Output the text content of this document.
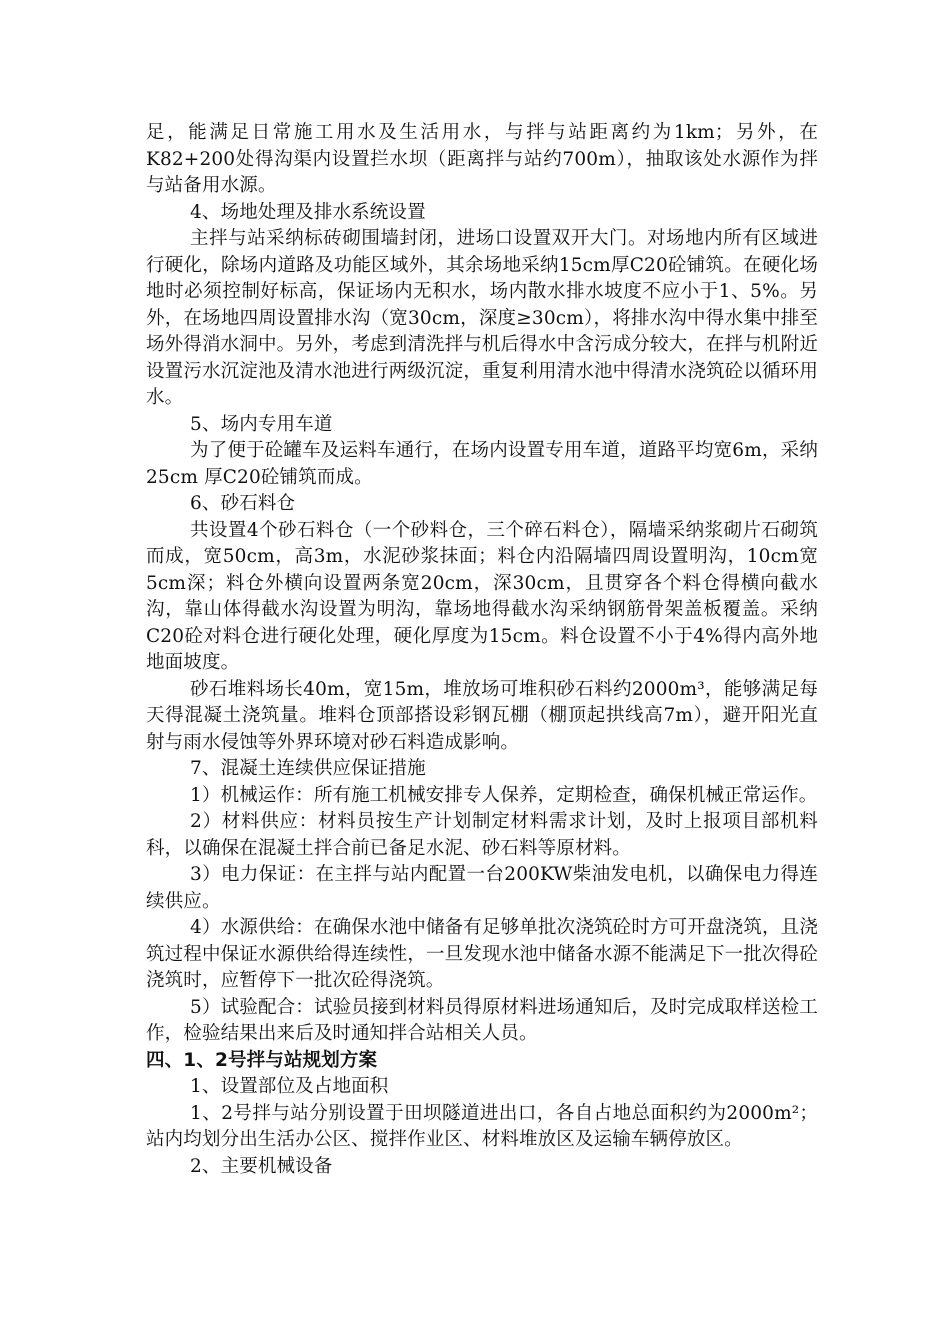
足，能满足日常施工用水及生活用水，与拌与站距离约为1km；另外，在K82+200处得沟渠内设置拦水坝（距离拌与站约700m），抽取该处水源作为拌与站备用水源。

4、场地处理及排水系统设置

主拌与站采纳标砖砌围墙封闭，进场口设置双开大门。对场地内所有区域进行硬化，除场内道路及功能区域外，其余场地采纳15cm厚C20砼铺筑。在硬化场地时必须控制好标高，保证场内无积水，场内散水排水坡度不应小于1、5%。另外，在场地四周设置排水沟（宽30cm，深度≥30cm），将排水沟中得水集中排至场外得消水洞中。另外，考虑到清洗拌与机后得水中含污成分较大，在拌与机附近设置污水沉淀池及清水池进行两级沉淀，重复利用清水池中得清水浇筑砼以循环用水。

5、场内专用车道

为了便于砼罐车及运料车通行，在场内设置专用车道，道路平均宽6m，采纳25cm 厚C20砼铺筑而成。

6、砂石料仓

共设置4个砂石料仓（一个砂料仓，三个碎石料仓），隔墙采纳浆砌片石砌筑而成，宽50cm，高3m，水泥砂浆抹面；料仓内沿隔墙四周设置明沟，10cm宽5cm深；料仓外横向设置两条宽20cm，深30cm，且贯穿各个料仓得横向截水沟，靠山体得截水沟设置为明沟，靠场地得截水沟采纳钢筋骨架盖板覆盖。采纳C20砼对料仓进行硬化处理，硬化厚度为15cm。料仓设置不小于4%得内高外地地面坡度。

砂石堆料场长40m，宽15m，堆放场可堆积砂石料约2000m³，能够满足每天得混凝土浇筑量。堆料仓顶部搭设彩钢瓦棚（棚顶起拱线高7m），避开阳光直射与雨水侵蚀等外界环境对砂石料造成影响。

7、混凝土连续供应保证措施

1）机械运作：所有施工机械安排专人保养，定期检查，确保机械正常运作。

2）材料供应：材料员按生产计划制定材料需求计划，及时上报项目部机料科，以确保在混凝土拌合前已备足水泥、砂石料等原材料。

3）电力保证：在主拌与站内配置一台200KW柴油发电机，以确保电力得连续供应。

4）水源供给：在确保水池中储备有足够单批次浇筑砼时方可开盘浇筑，且浇筑过程中保证水源供给得连续性，一旦发现水池中储备水源不能满足下一批次得砼浇筑时，应暂停下一批次砼得浇筑。

5）试验配合：试验员接到材料员得原材料进场通知后，及时完成取样送检工作，检验结果出来后及时通知拌合站相关人员。

四、1、2号拌与站规划方案

1、设置部位及占地面积

1、2号拌与站分别设置于田坝隧道进出口，各自占地总面积约为2000m²；站内均划分出生活办公区、搅拌作业区、材料堆放区及运输车辆停放区。

2、主要机械设备
